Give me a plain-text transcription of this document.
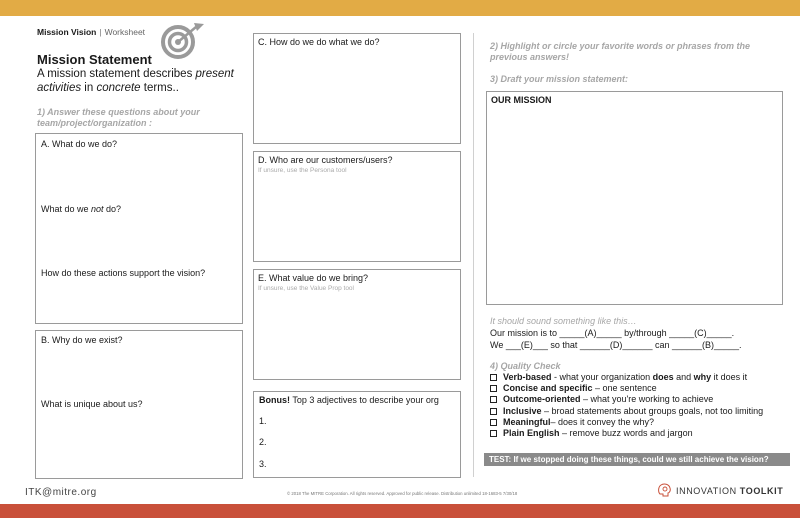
Mission Vision | Worksheet
Mission Statement
A mission statement describes present activities in concrete terms..
1) Answer these questions about your team/project/organization :
A. What do we do?
What do we not do?
How do these actions support the vision?
B. Why do we exist?
What is unique about us?
C. How do we do what we do?
D. Who are our customers/users?
If unsure, use the Persona tool
E. What value do we bring?
If unsure, use the Value Prop tool
Bonus! Top 3 adjectives to describe your org
1.
2.
3.
2) Highlight or circle your favorite words or phrases from the previous answers!
3) Draft your mission statement:
OUR MISSION
It should sound something like this…
Our mission is to _____(A)_____ by/through _____(C)_____.
We ___(E)___ so that ______(D)______ can ______(B)_____.
4) Quality Check
Verb-based - what your organization does and why it does it
Concise and specific – one sentence
Outcome-oriented – what you're working to achieve
Inclusive – broad statements about groups goals, not too limiting
Meaningful– does it convey the why?
Plain English – remove buzz words and jargon
TEST: If we stopped doing these things, could we still achieve the vision?
ITK@mitre.org	© 2018 The MITRE Corporation. All rights reserved. Approved for public release. Distribution unlimited 18-1683-5 7/30/18	INNOVATION TOOLKIT
